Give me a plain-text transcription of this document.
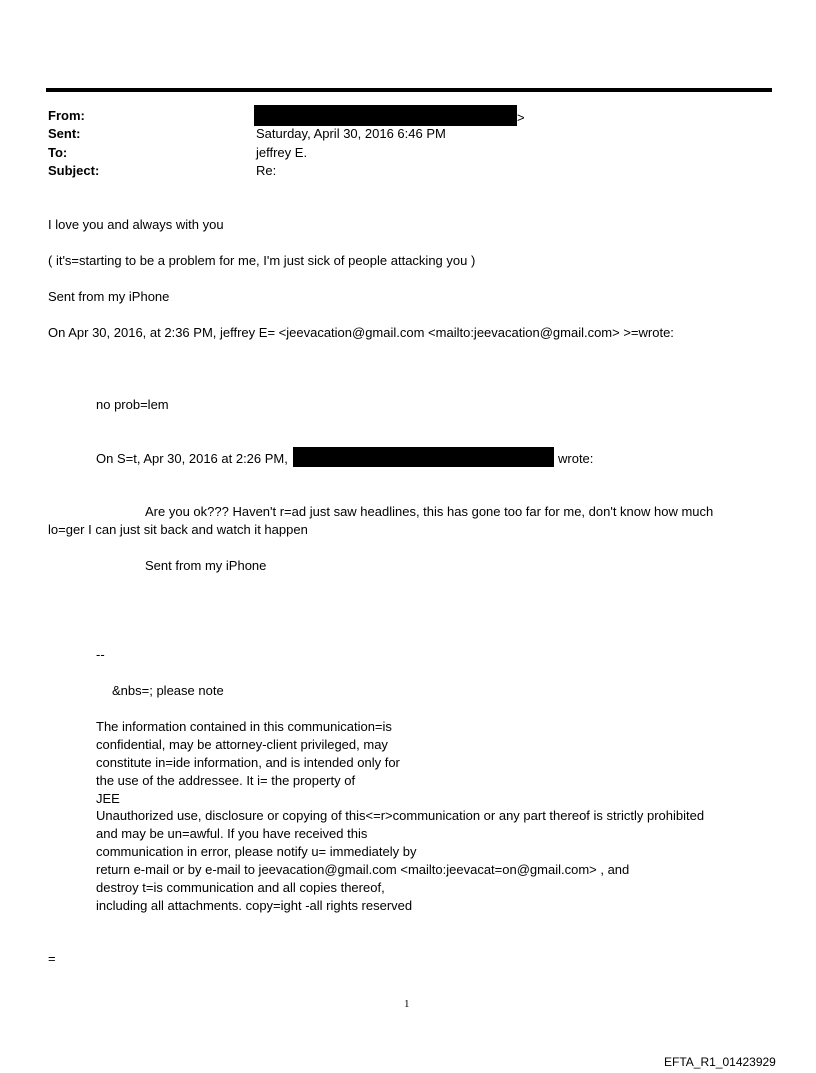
From:	>
Sent:	Saturday, April 30, 2016 6:46 PM
To:	jeffrey E.
Subject:	Re:
I love you and always with you
( it's=starting to be a problem for me, I'm just sick of people attacking you )
Sent from my iPhone
On Apr 30, 2016, at 2:36 PM, jeffrey E= <jeevacation@gmail.com <mailto:jeevacation@gmail.com> >=wrote:
no prob=lem
On S=t, Apr 30, 2016 at 2:26 PM,	wrote:
Are you ok??? Haven't r=ad just saw headlines, this has gone too far for me, don't know how much
lo=ger I can just sit back and watch it happen
Sent from my iPhone
--
&nbs=; please note
The information contained in this communication=is
confidential, may be attorney-client privileged, may
constitute in=ide information, and is intended only for
the use of the addressee. It i= the property of
JEE
Unauthorized use, disclosure or copying of this<=r>communication or any part thereof is strictly prohibited
and may be un=awful. If you have received this
communication in error, please notify u= immediately by
return e-mail or by e-mail to jeevacation@gmail.com <mailto:jeevacat=on@gmail.com> , and
destroy t=is communication and all copies thereof,
including all attachments. copy=ight -all rights reserved
=
1
EFTA_R1_01423929
